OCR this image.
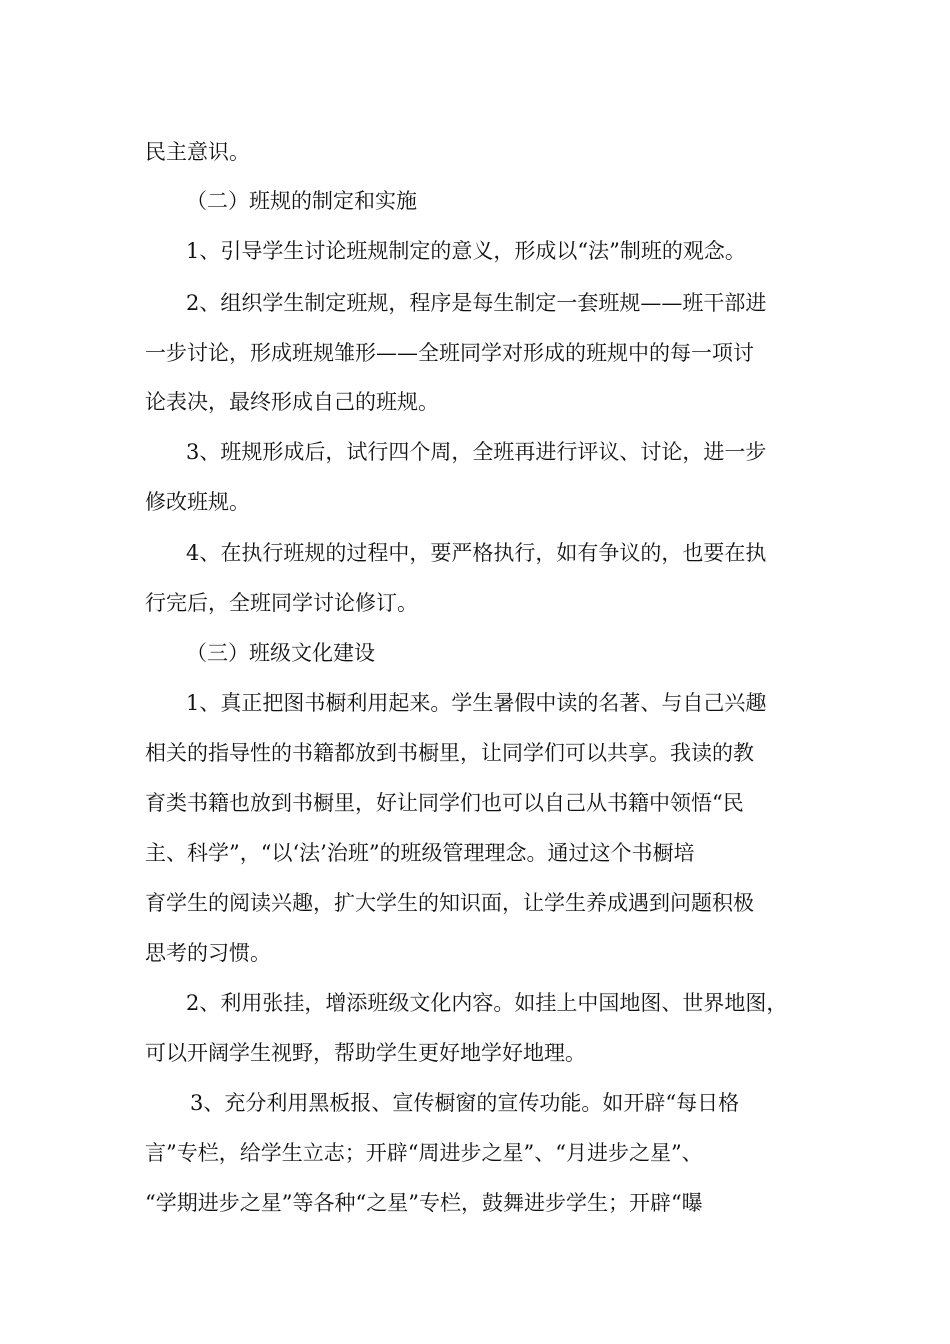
民主意识。
（二）班规的制定和实施
1、引导学生讨论班规制定的意义，形成以“法”制班的观念。
2、组织学生制定班规，程序是每生制定一套班规——班干部进
一步讨论，形成班规雏形——全班同学对形成的班规中的每一项讨
论表决，最终形成自己的班规。
3、班规形成后，试行四个周，全班再进行评议、讨论，进一步
修改班规。
4、在执行班规的过程中，要严格执行，如有争议的，也要在执
行完后，全班同学讨论修订。
（三）班级文化建设
1、真正把图书橱利用起来。学生暑假中读的名著、与自己兴趣
相关的指导性的书籍都放到书橱里，让同学们可以共享。我读的教
育类书籍也放到书橱里，好让同学们也可以自己从书籍中领悟“民
主、科学”，“以‘法’治班”的班级管理理念。通过这个书橱培
育学生的阅读兴趣，扩大学生的知识面，让学生养成遇到问题积极
思考的习惯。
2、利用张挂，增添班级文化内容。如挂上中国地图、世界地图，
可以开阔学生视野，帮助学生更好地学好地理。
3、充分利用黑板报、宣传橱窗的宣传功能。如开辟“每日格
言”专栏，给学生立志；开辟“周进步之星”、“月进步之星”、
“学期进步之星”等各种“之星”专栏，鼓舞进步学生；开辟“曝
